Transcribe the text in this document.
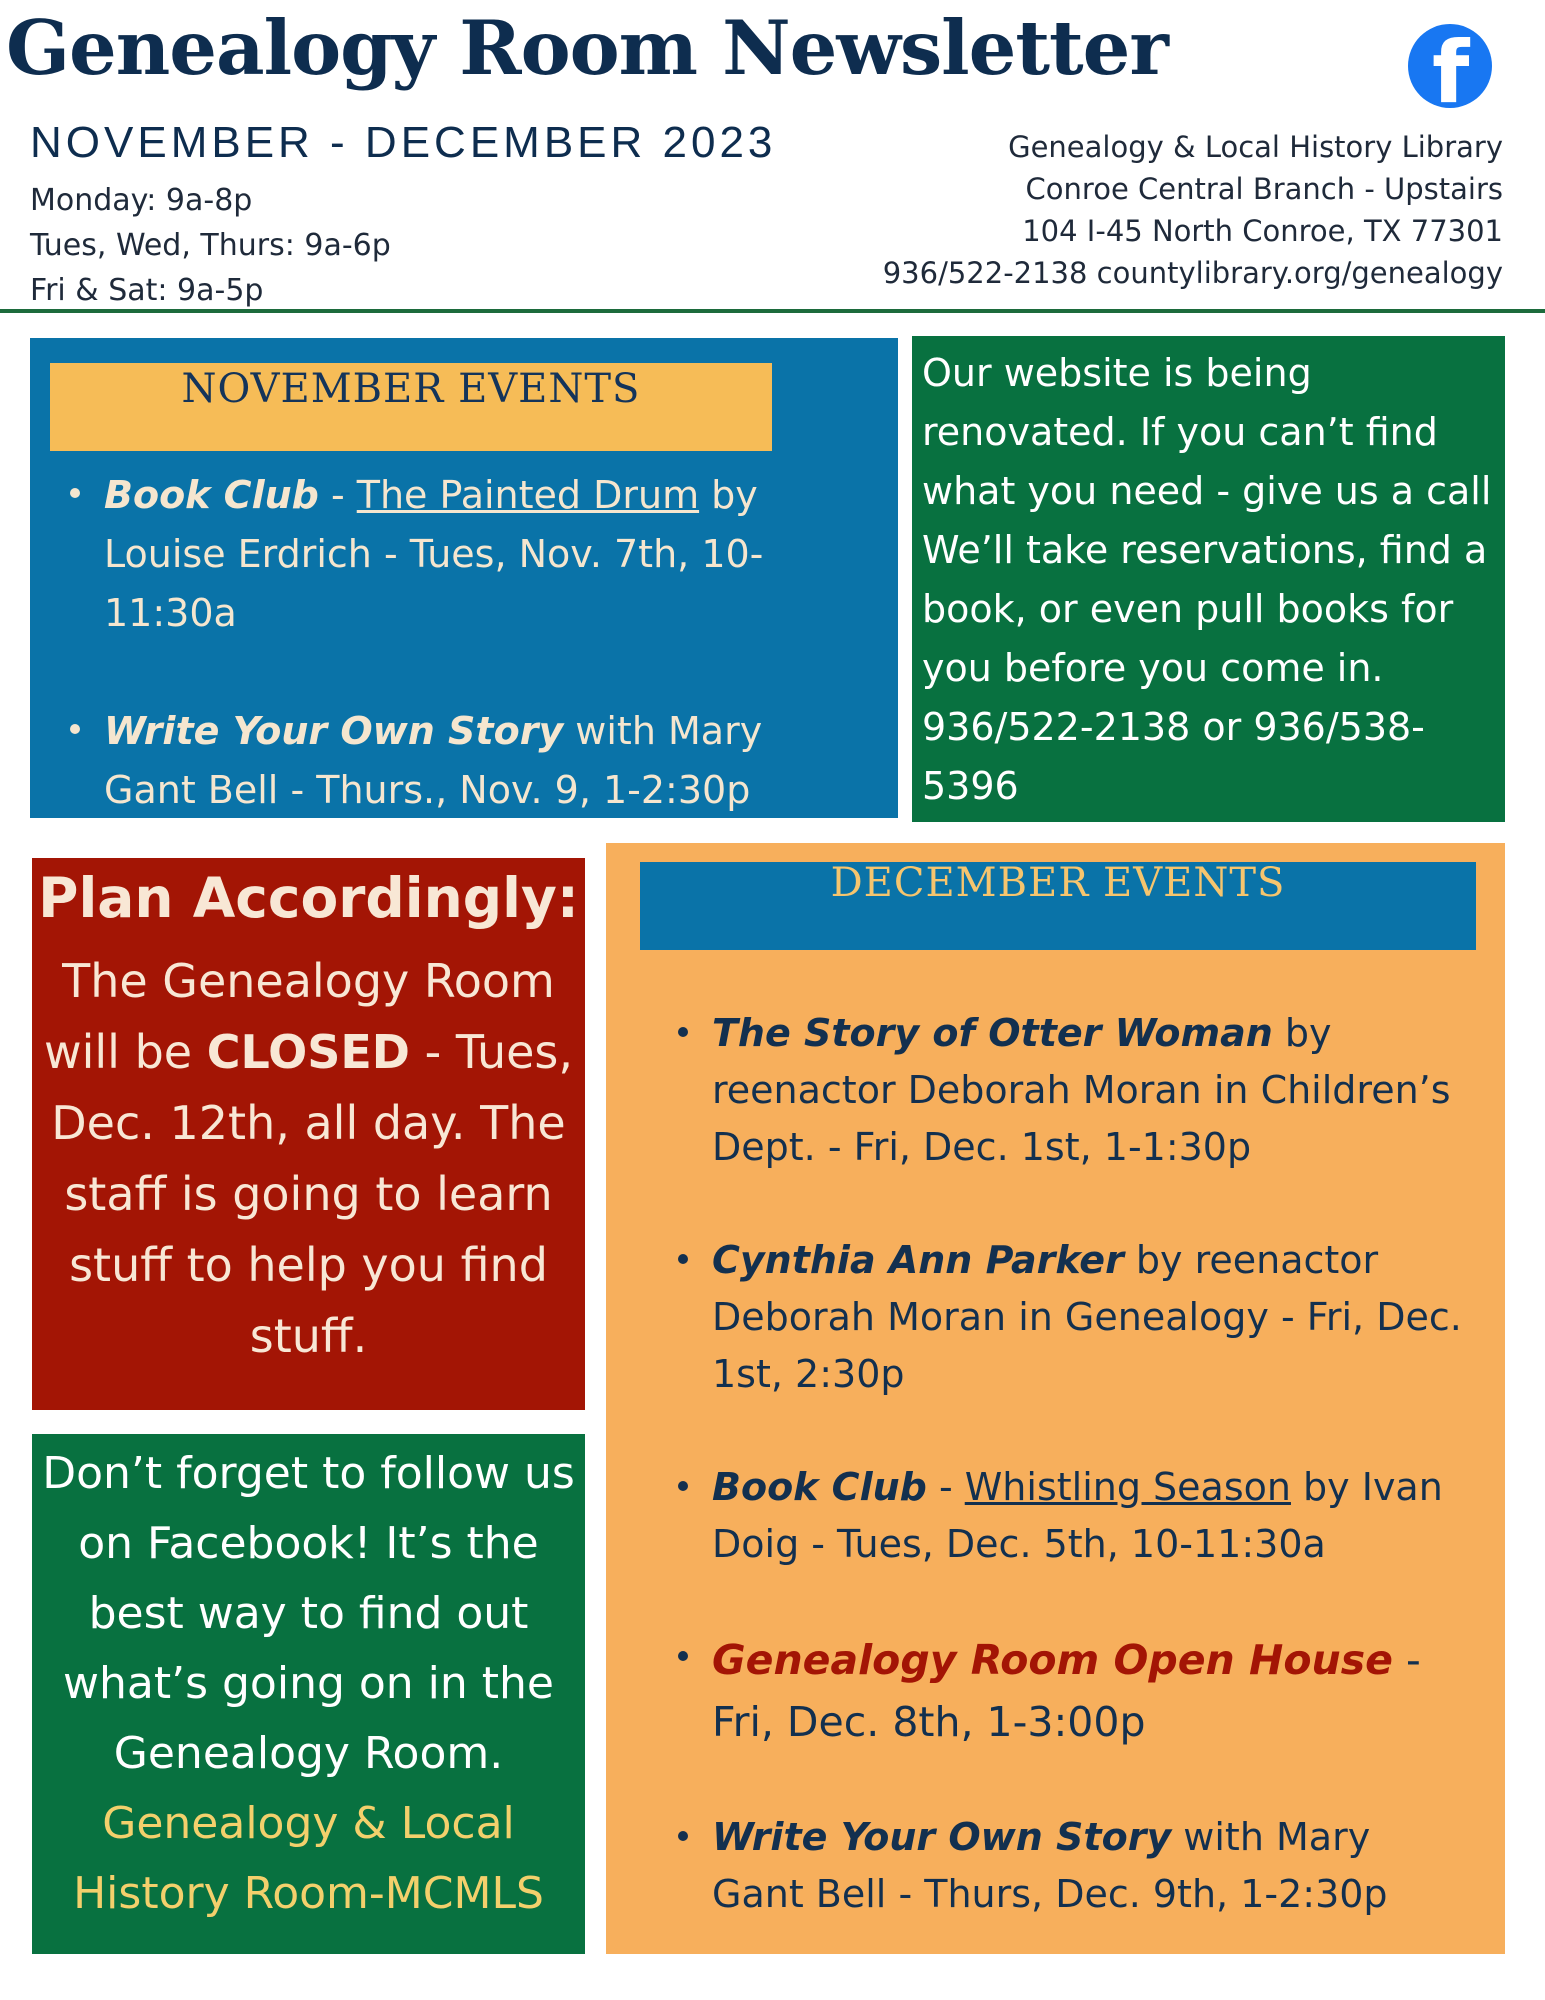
Genealogy Room Newsletter	f
NOVEMBER - DECEMBER 2023
Monday: 9a-8p
Tues, Wed, Thurs: 9a-6p
Fri & Sat: 9a-5p
Genealogy & Local History Library
Conroe Central Branch - Upstairs
104 I-45 North Conroe, TX 77301
936/522-2138 countylibrary.org/genealogy
NOVEMBER EVENTS
Book Club - The Painted Drum by Louise Erdrich - Tues, Nov. 7th, 10-11:30a
Write Your Own Story with Mary Gant Bell - Thurs., Nov. 9, 1-2:30p
Our website is being renovated. If you can’t find what you need - give us a call We’ll take reservations, find a book, or even pull books for you before you come in. 936/522-2138 or 936/538-5396
Plan Accordingly:
The Genealogy Room will be CLOSED - Tues, Dec. 12th, all day. The staff is going to learn stuff to help you find stuff.
Don’t forget to follow us on Facebook! It’s the best way to find out what’s going on in the Genealogy Room.
Genealogy & Local History Room-MCMLS
DECEMBER EVENTS
The Story of Otter Woman by reenactor Deborah Moran in Children’s Dept. - Fri, Dec. 1st, 1-1:30p
Cynthia Ann Parker by reenactor Deborah Moran in Genealogy - Fri, Dec. 1st, 2:30p
Book Club - Whistling Season by Ivan Doig - Tues, Dec. 5th, 10-11:30a
Genealogy Room Open House - Fri, Dec. 8th, 1-3:00p
Write Your Own Story with Mary Gant Bell - Thurs, Dec. 9th, 1-2:30p
